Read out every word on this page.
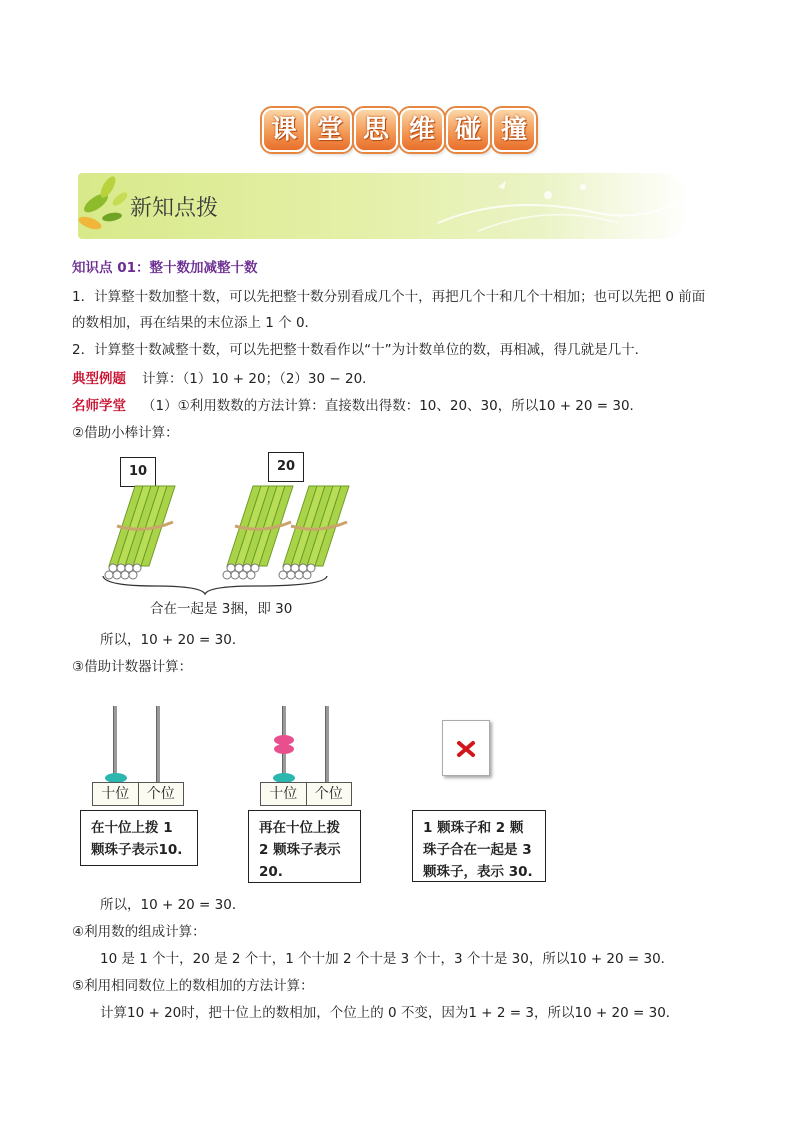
课 堂 思 维 碰 撞
新知点拨
知识点 01：整十数加减整十数
1．计算整十数加整十数，可以先把整十数分别看成几个十，再把几个十和几个十相加；也可以先把 0 前面
的数相加，再在结果的末位添上 1 个 0．
2．计算整十数减整十数，可以先把整十数看作以“十”为计数单位的数，再相减，得几就是几十．
典型例题 计算：（1）10 + 20；（2）30 − 20．
名师学堂 （1）①利用数数的方法计算：直接数出得数：10、20、30，所以10 + 20 = 30．
②借助小棒计算：
10	20
合在一起是 3捆，即 30
所以，10 + 20 = 30．
③借助计数器计算：
十位	个位
在十位上拨 1 颗珠子表示10.
十位	个位
再在十位上拨 2 颗珠子表示 20.
1 颗珠子和 2 颗珠子合在一起是 3 颗珠子，表示 30.
所以，10 + 20 = 30．
④利用数的组成计算：
10 是 1 个十，20 是 2 个十，1 个十加 2 个十是 3 个十，3 个十是 30，所以10 + 20 = 30．
⑤利用相同数位上的数相加的方法计算：
计算10 + 20时，把十位上的数相加，个位上的 0 不变，因为1 + 2 = 3，所以10 + 20 = 30．
